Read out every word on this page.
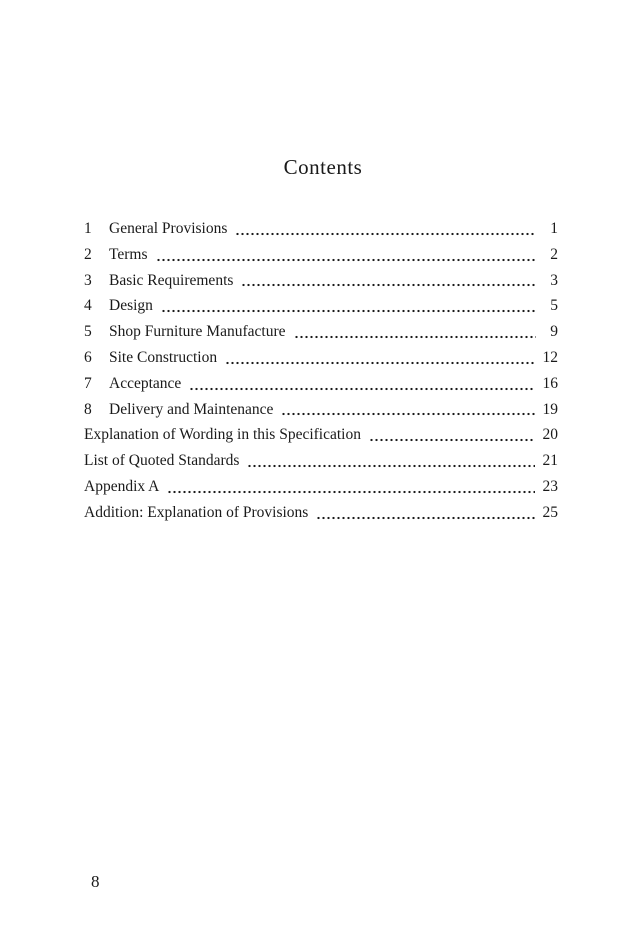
Contents
1	General Provisions	1
2	Terms	2
3	Basic Requirements	3
4	Design	5
5	Shop Furniture Manufacture	9
6	Site Construction	12
7	Acceptance	16
8	Delivery and Maintenance	19
Explanation of Wording in this Specification	20
List of Quoted Standards	21
Appendix A	23
Addition: Explanation of Provisions	25
8
